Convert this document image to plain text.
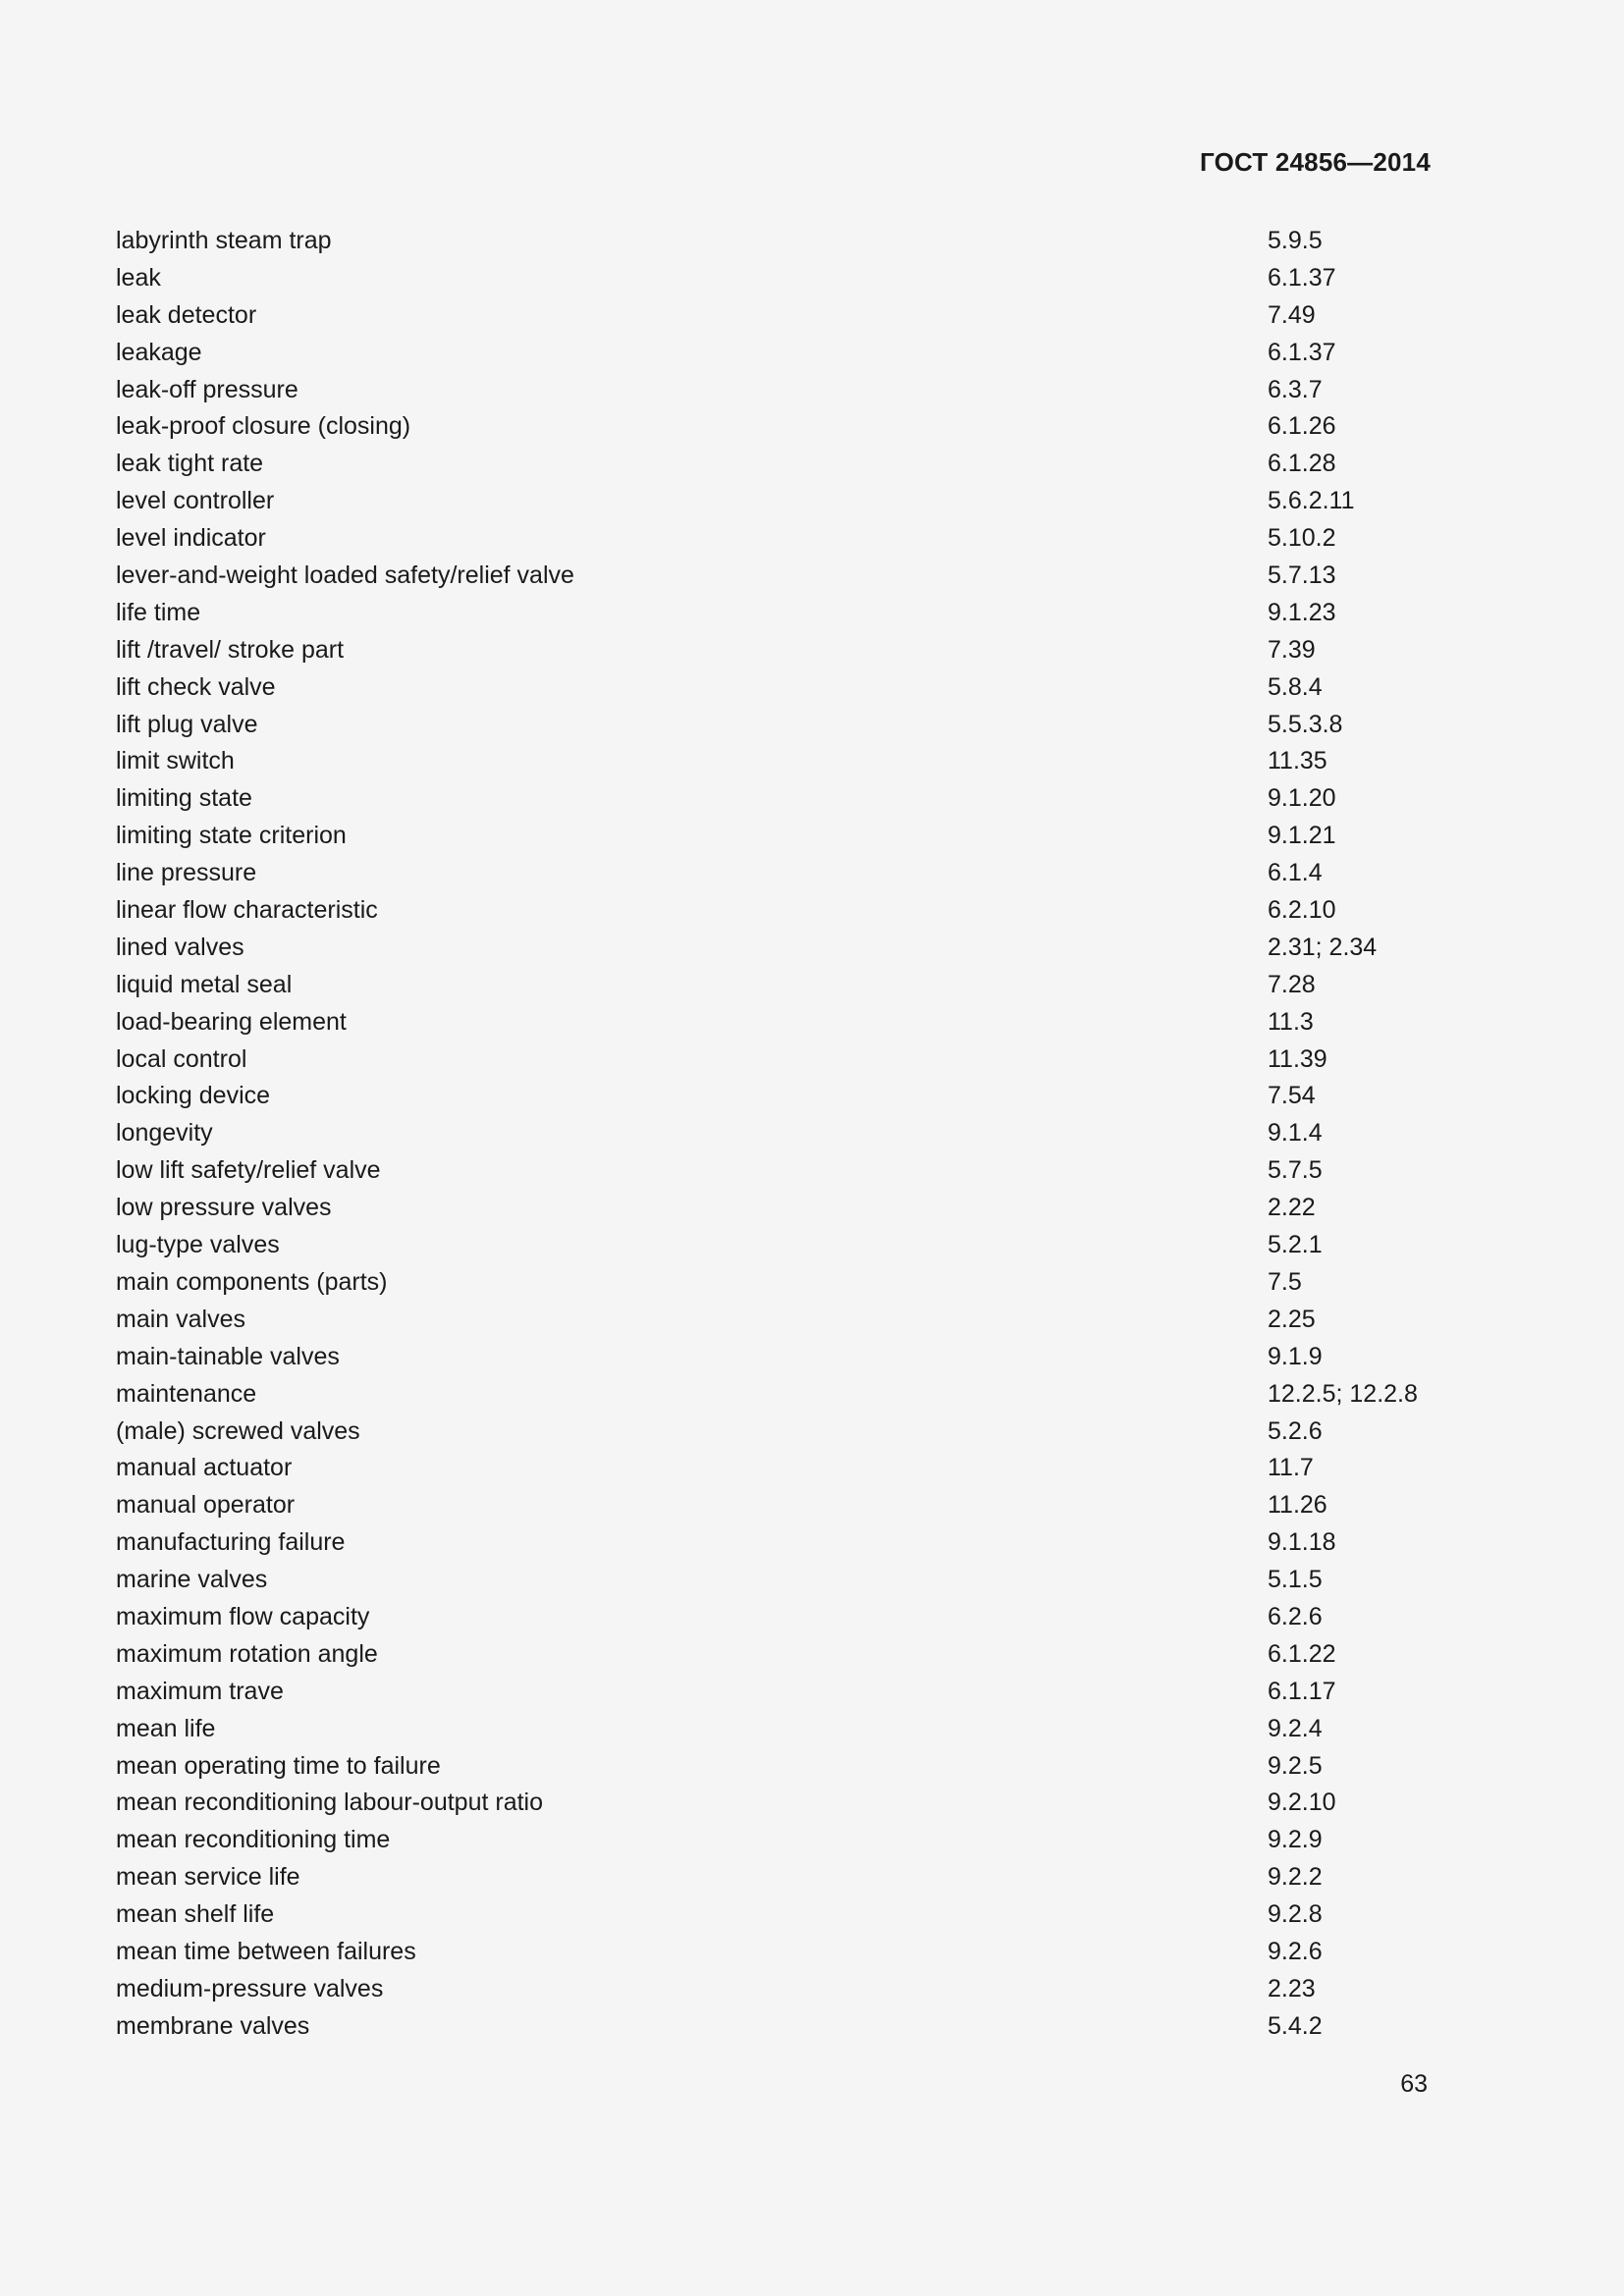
ГОСТ 24856—2014
labyrinth steam trap	5.9.5
leak	6.1.37
leak detector	7.49
leakage	6.1.37
leak-off pressure	6.3.7
leak-proof closure (closing)	6.1.26
leak tight rate	6.1.28
level controller	5.6.2.11
level indicator	5.10.2
lever-and-weight loaded safety/relief valve	5.7.13
life time	9.1.23
lift /travel/ stroke part	7.39
lift check valve	5.8.4
lift plug valve	5.5.3.8
limit switch	11.35
limiting state	9.1.20
limiting state criterion	9.1.21
line pressure	6.1.4
linear flow characteristic	6.2.10
lined valves	2.31; 2.34
liquid metal seal	7.28
load-bearing element	11.3
local control	11.39
locking device	7.54
longevity	9.1.4
low lift safety/relief valve	5.7.5
low pressure valves	2.22
lug-type valves	5.2.1
main components (parts)	7.5
main valves	2.25
main-tainable valves	9.1.9
maintenance	12.2.5; 12.2.8
(male) screwed valves	5.2.6
manual actuator	11.7
manual operator	11.26
manufacturing failure	9.1.18
marine valves	5.1.5
maximum flow capacity	6.2.6
maximum rotation angle	6.1.22
maximum trave	6.1.17
mean life	9.2.4
mean operating time to failure	9.2.5
mean reconditioning labour-output ratio	9.2.10
mean reconditioning time	9.2.9
mean service life	9.2.2
mean shelf life	9.2.8
mean time between failures	9.2.6
medium-pressure valves	2.23
membrane valves	5.4.2
63
